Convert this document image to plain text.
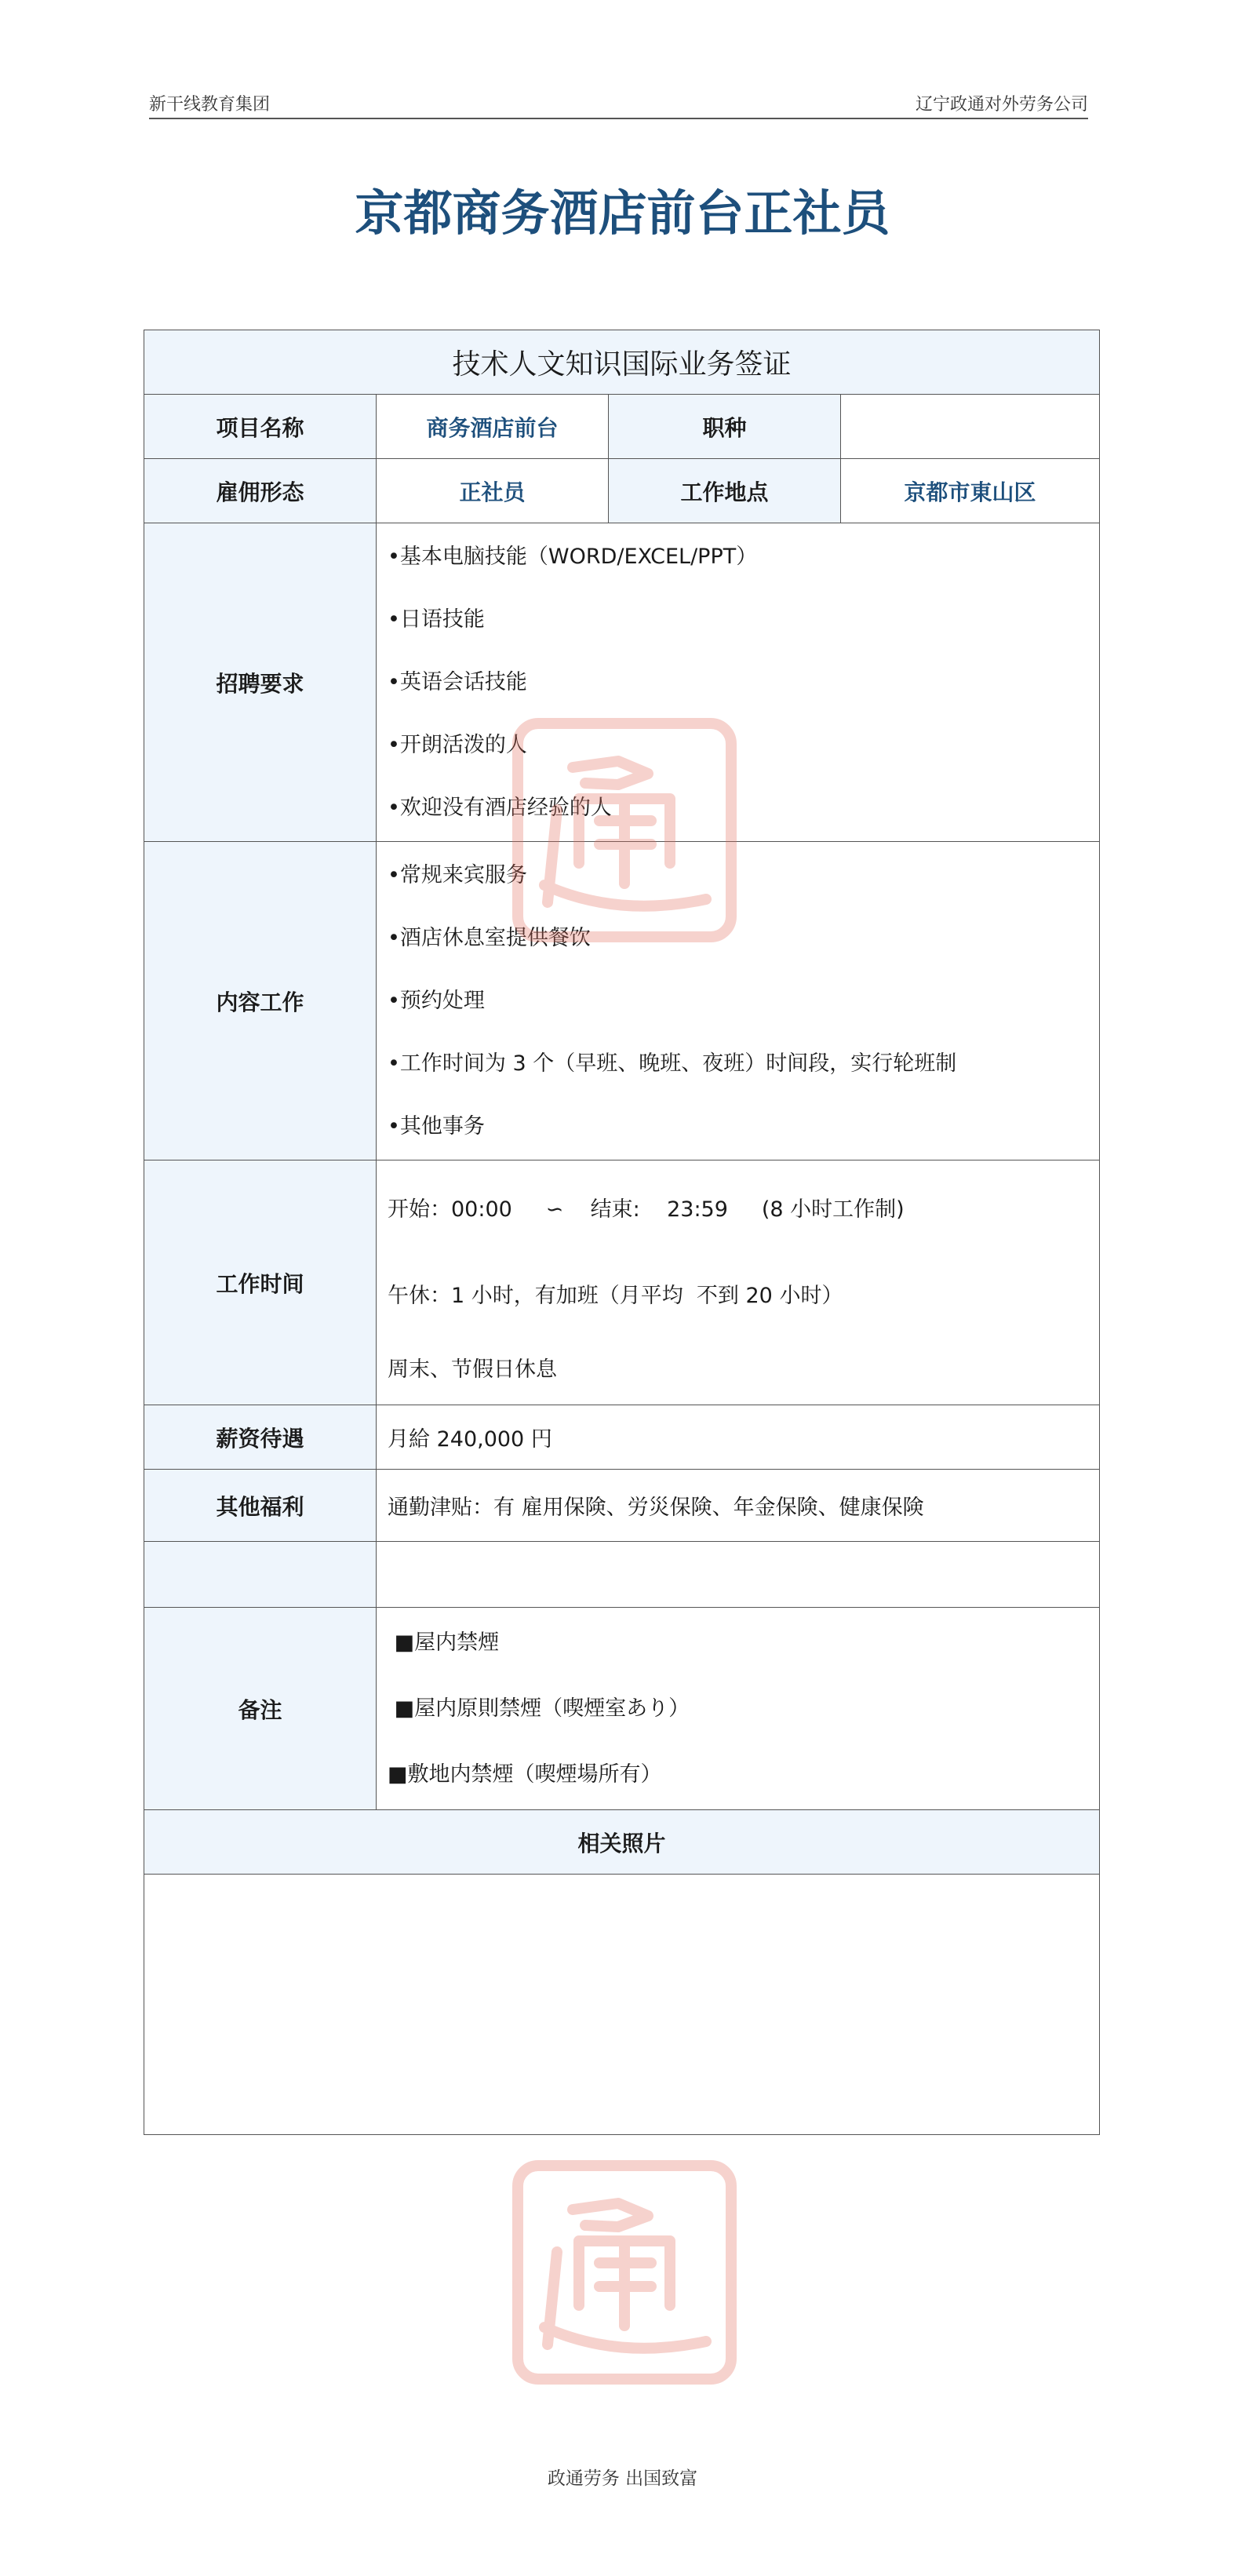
新干线教育集团	辽宁政通对外劳务公司
京都商务酒店前台正社员
技术人文知识国际业务签证			
项目名称	商务酒店前台	职种	
雇佣形态	正社员	工作地点	京都市東山区
招聘要求	•基本电脑技能（WORD/EXCEL/PPT）
•日语技能
•英语会话技能
•开朗活泼的人
•欢迎没有酒店经验的人		

内容工作	•常规来宾服务
•酒店休息室提供餐饮
•预约处理
•工作时间为 3 个（早班、晚班、夜班）时间段，实行轮班制
•其他事务		

工作时间	开始：00:00     ∽    结束:    23:59     (8 小时工作制)
午休：1 小时，有加班（月平均  不到 20 小时）
周末、节假日休息		

薪资待遇	月給 240,000 円		
其他福利	通勤津贴：有 雇用保険、労災保険、年金保険、健康保険		

备注	■屋内禁煙
■屋内原則禁煙（喫煙室あり）
■敷地内禁煙（喫煙場所有）		

相关照片			

通
政通劳务 出国致富
